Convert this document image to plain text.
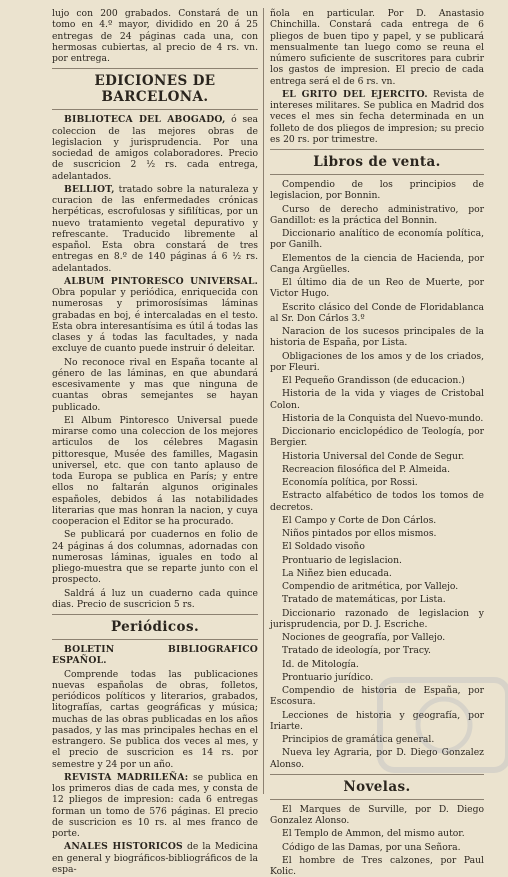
lujo con 200 grabados. Constará de un tomo en 4.º mayor, dividido en 20 á 25 entregas de 24 páginas cada una, con hermosas cubiertas, al precio de 4 rs. vn. por entrega.

EDICIONES DE BARCELONA.

BIBLIOTECA DEL ABOGADO, ó sea coleccion de las mejores obras de legislacion y jurisprudencia. Por una sociedad de amigos colaboradores. Precio de suscricion 2 ½ rs. cada entrega, adelantados.

BELLIOT, tratado sobre la naturaleza y curacion de las enfermedades crónicas herpéticas, escrofulosas y sifilíticas, por un nuevo tratamiento vegetal depurativo y refrescante. Traducido libremente al español. Esta obra constará de tres entregas en 8.º de 140 páginas á 6 ½ rs. adelantados.

ALBUM PINTORESCO UNIVERSAL. Obra popular y periódica, enriquecida con numerosas y primorosísimas láminas grabadas en boj, é intercaladas en el testo. Esta obra interesantísima es útil á todas las clases y á todas las facultades, y nada excluye de cuanto puede instruir ó deleitar.

No reconoce rival en España tocante al género de las láminas, en que abundará escesivamente y mas que ninguna de cuantas obras semejantes se hayan publicado.

El Album Pintoresco Universal puede mirarse como una coleccion de los mejores articulos de los célebres Magasin pittoresque, Musée des familles, Magasin universel, etc. que con tanto aplauso de toda Europa se publica en París; y entre ellos no faltarán algunos originales españoles, debidos á las notabilidades literarias que mas honran la nacion, y cuya cooperacion el Editor se ha procurado.

Se publicará por cuadernos en folio de 24 páginas á dos columnas, adornadas con numerosas láminas, iguales en todo al pliego-muestra que se reparte junto con el prospecto.

Saldrá á luz un cuaderno cada quince dias. Precio de suscricion 5 rs.

Periódicos.

BOLETIN BIBLIOGRAFICO ESPAÑOL.

Comprende todas las publicaciones nuevas españolas de obras, folletos, periódicos políticos y literarios, grabados, litografías, cartas geográficas y música; muchas de las obras publicadas en los años pasados, y las mas principales hechas en el estrangero. Se publica dos veces al mes, y el precio de suscricion es 14 rs. por semestre y 24 por un año.

REVISTA MADRILEÑA: se publica en los primeros dias de cada mes, y consta de 12 pliegos de impresion: cada 6 entregas forman un tomo de 576 páginas. El precio de suscricion es 10 rs. al mes franco de porte.

ANALES HISTORICOS de la Medicina en general y biográficos-bibliográficos de la espa-

ñola en particular. Por D. Anastasio Chinchilla. Constará cada entrega de 6 pliegos de buen tipo y papel, y se publicará mensualmente tan luego como se reuna el número suficiente de suscritores para cubrir los gastos de impresion. El precio de cada entrega será el de 6 rs. vn.

EL GRITO DEL EJERCITO. Revista de intereses militares. Se publica en Madrid dos veces el mes sin fecha determinada en un folleto de dos pliegos de impresion; su precio es 20 rs. por trimestre.

Libros de venta.

Compendio de los principios de legislacion, por Bonnin.

Curso de derecho administrativo, por Gandillot: es la práctica del Bonnin.

Diccionario analítico de economía política, por Ganilh.

Elementos de la ciencia de Hacienda, por Canga Argüelles.

El último dia de un Reo de Muerte, por Victor Hugo.

Escrito clásico del Conde de Floridablanca al Sr. Don Cárlos 3.º

Naracion de los sucesos principales de la historia de España, por Lista.

Obligaciones de los amos y de los criados, por Fleuri.

El Pequeño Grandisson (de educacion.)

Historia de la vida y viages de Cristobal Colon.

Historia de la Conquista del Nuevo-mundo.

Diccionario enciclopédico de Teología, por Bergier.

Historia Universal del Conde de Segur.

Recreacion filosófica del P. Almeida.

Economía política, por Rossi.

Estracto alfabético de todos los tomos de decretos.

El Campo y Corte de Don Cárlos.

Niños pintados por ellos mismos.

El Soldado visoño

Prontuario de legislacion.

La Niñez bien educada.

Compendio de aritmética, por Vallejo.

Tratado de matemáticas, por Lista.

Diccionario razonado de legislacion y jurisprudencia, por D. J. Escriche.

Nociones de geografía, por Vallejo.

Tratado de ideología, por Tracy.

Id. de Mitología.

Prontuario jurídico.

Compendio de historia de España, por Escosura.

Lecciones de historia y geografía, por Iriarte.

Principios de gramática general.

Nueva ley Agraria, por D. Diego Gonzalez Alonso.

Novelas.

El Marques de Surville, por D. Diego Gonzalez Alonso.

El Templo de Ammon, del mismo autor.

Código de las Damas, por una Señora.

El hombre de Tres calzones, por Paul Kolic.
